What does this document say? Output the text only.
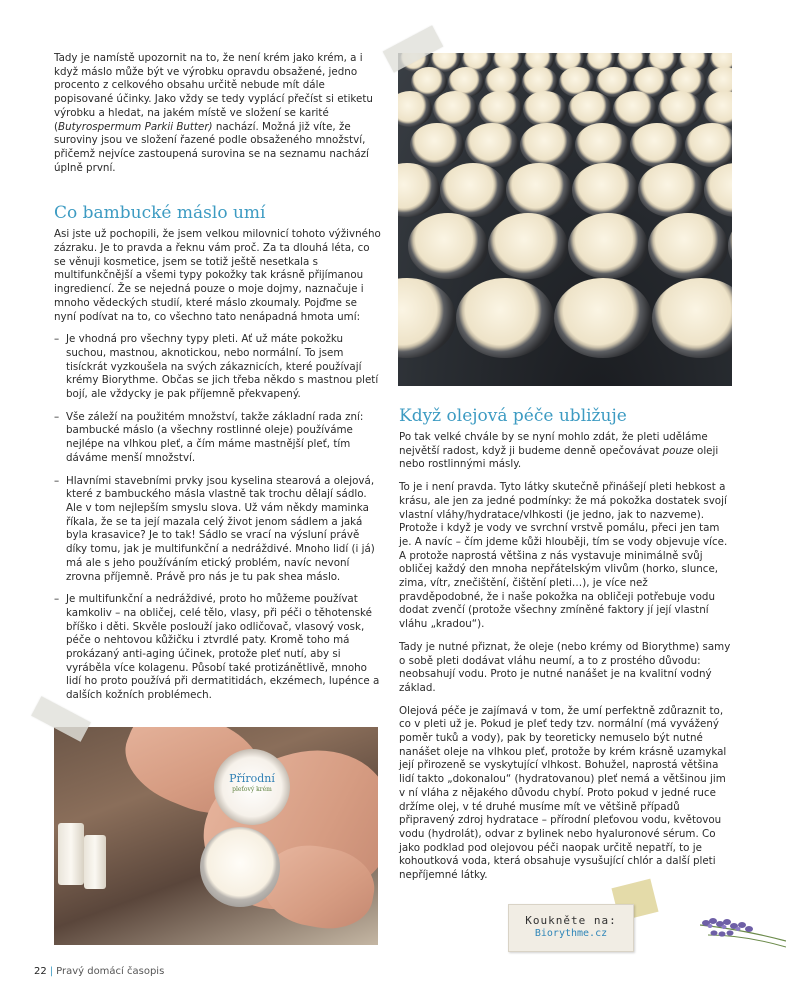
Tady je namístě upozornit na to, že není krém jako krém, a i když máslo může být ve výrobku opravdu obsažené, jedno procento z celkového obsahu určitě nebude mít dále popisované účinky. Jako vždy se tedy vyplácí přečíst si etiketu výrobku a hledat, na jakém místě ve složení se karité (Butyrospermum Parkii Butter) nachází. Možná již víte, že suroviny jsou ve složení řazené podle obsaženého množství, přičemž nejvíce zastoupená surovina se na seznamu nachází úplně první.

Co bambucké máslo umí

Asi jste už pochopili, že jsem velkou milovnicí tohoto výživného zázraku. Je to pravda a řeknu vám proč. Za ta dlouhá léta, co se věnuji kosmetice, jsem se totiž ještě nesetkala s multifunkčnější a všemi typy pokožky tak krásně přijímanou ingrediencí. Že se nejedná pouze o moje dojmy, naznačuje i mnoho vědeckých studií, které máslo zkoumaly. Pojďme se nyní podívat na to, co všechno tato nenápadná hmota umí:

– Je vhodná pro všechny typy pleti. Ať už máte pokožku suchou, mastnou, aknotickou, nebo normální. To jsem tisíckrát vyzkoušela na svých zákaznicích, které používají krémy Biorythme. Občas se jich třeba někdo s mastnou pletí bojí, ale vždycky je pak příjemně překvapený.
– Vše záleží na použitém množství, takže základní rada zní: bambucké máslo (a všechny rostlinné oleje) používáme nejlépe na vlhkou pleť, a čím máme mastnější pleť, tím dáváme menší množství.
– Hlavními stavebními prvky jsou kyselina stearová a olejová, které z bambuckého másla vlastně tak trochu dělají sádlo. Ale v tom nejlepším smyslu slova. Už vám někdy maminka říkala, že se ta její mazala celý život jenom sádlem a jaká byla krasavice? Je to tak! Sádlo se vrací na výsluní právě díky tomu, jak je multifunkční a nedráždivé. Mnoho lidí (i já) má ale s jeho používáním etický problém, navíc nevoní zrovna příjemně. Právě pro nás je tu pak shea máslo.
– Je multifunkční a nedráždivé, proto ho můžeme používat kamkoliv – na obličej, celé tělo, vlasy, při péči o těhotenské bříško i děti. Skvěle poslouží jako odličovač, vlasový vosk, péče o nehtovou kůžičku i ztvrdlé paty. Kromě toho má prokázaný anti-aging účinek, protože pleť nutí, aby si vyráběla více kolagenu. Působí také protizánětlivě, mnoho lidí ho proto používá při dermatitidách, ekzémech, lupénce a dalších kožních problémech.
Když olejová péče ubližuje

Po tak velké chvále by se nyní mohlo zdát, že pleti uděláme největší radost, když ji budeme denně opečovávat pouze oleji nebo rostlinnými másly.

To je i není pravda. Tyto látky skutečně přinášejí pleti hebkost a krásu, ale jen za jedné podmínky: že má pokožka dostatek svojí vlastní vláhy/hydratace/vlhkosti (je jedno, jak to nazveme). Protože i když je vody ve svrchní vrstvě pomálu, přeci jen tam je. A navíc – čím jdeme kůži hlouběji, tím se vody objevuje více. A protože naprostá většina z nás vystavuje minimálně svůj obličej každý den mnoha nepřátelským vlivům (horko, slunce, zima, vítr, znečištění, čištění pleti…), je více než pravděpodobné, že i naše pokožka na obličeji potřebuje vodu dodat zvenčí (protože všechny zmíněné faktory jí její vlastní vláhu „kradou“).

Tady je nutné přiznat, že oleje (nebo krémy od Biorythme) samy o sobě pleti dodávat vláhu neumí, a to z prostého důvodu: neobsahují vodu. Proto je nutné nanášet je na kvalitní vodný základ.

Olejová péče je zajímavá v tom, že umí perfektně zdůraznit to, co v pleti už je. Pokud je pleť tedy tzv. normální (má vyvážený poměr tuků a vody), pak by teoreticky nemuselo být nutné nanášet oleje na vlhkou pleť, protože by krém krásně uzamykal její přirozeně se vyskytující vlhkost. Bohužel, naprostá většina lidí takto „dokonalou“ (hydratovanou) pleť nemá a většinou jim v ní vláha z nějakého důvodu chybí. Proto pokud v jedné ruce držíme olej, v té druhé musíme mít ve většině případů připravený zdroj hydratace – přírodní pleťovou vodu, květovou vodu (hydrolát), odvar z bylinek nebo hyaluronové sérum. Co jako podklad pod olejovou péči naopak určitě nepatří, to je kohoutková voda, která obsahuje vysušující chlór a další pleti nepříjemné látky.

Přírodní
pleťový krém
Koukněte na:
Biorythme.cz
22 | Pravý domácí časopis
